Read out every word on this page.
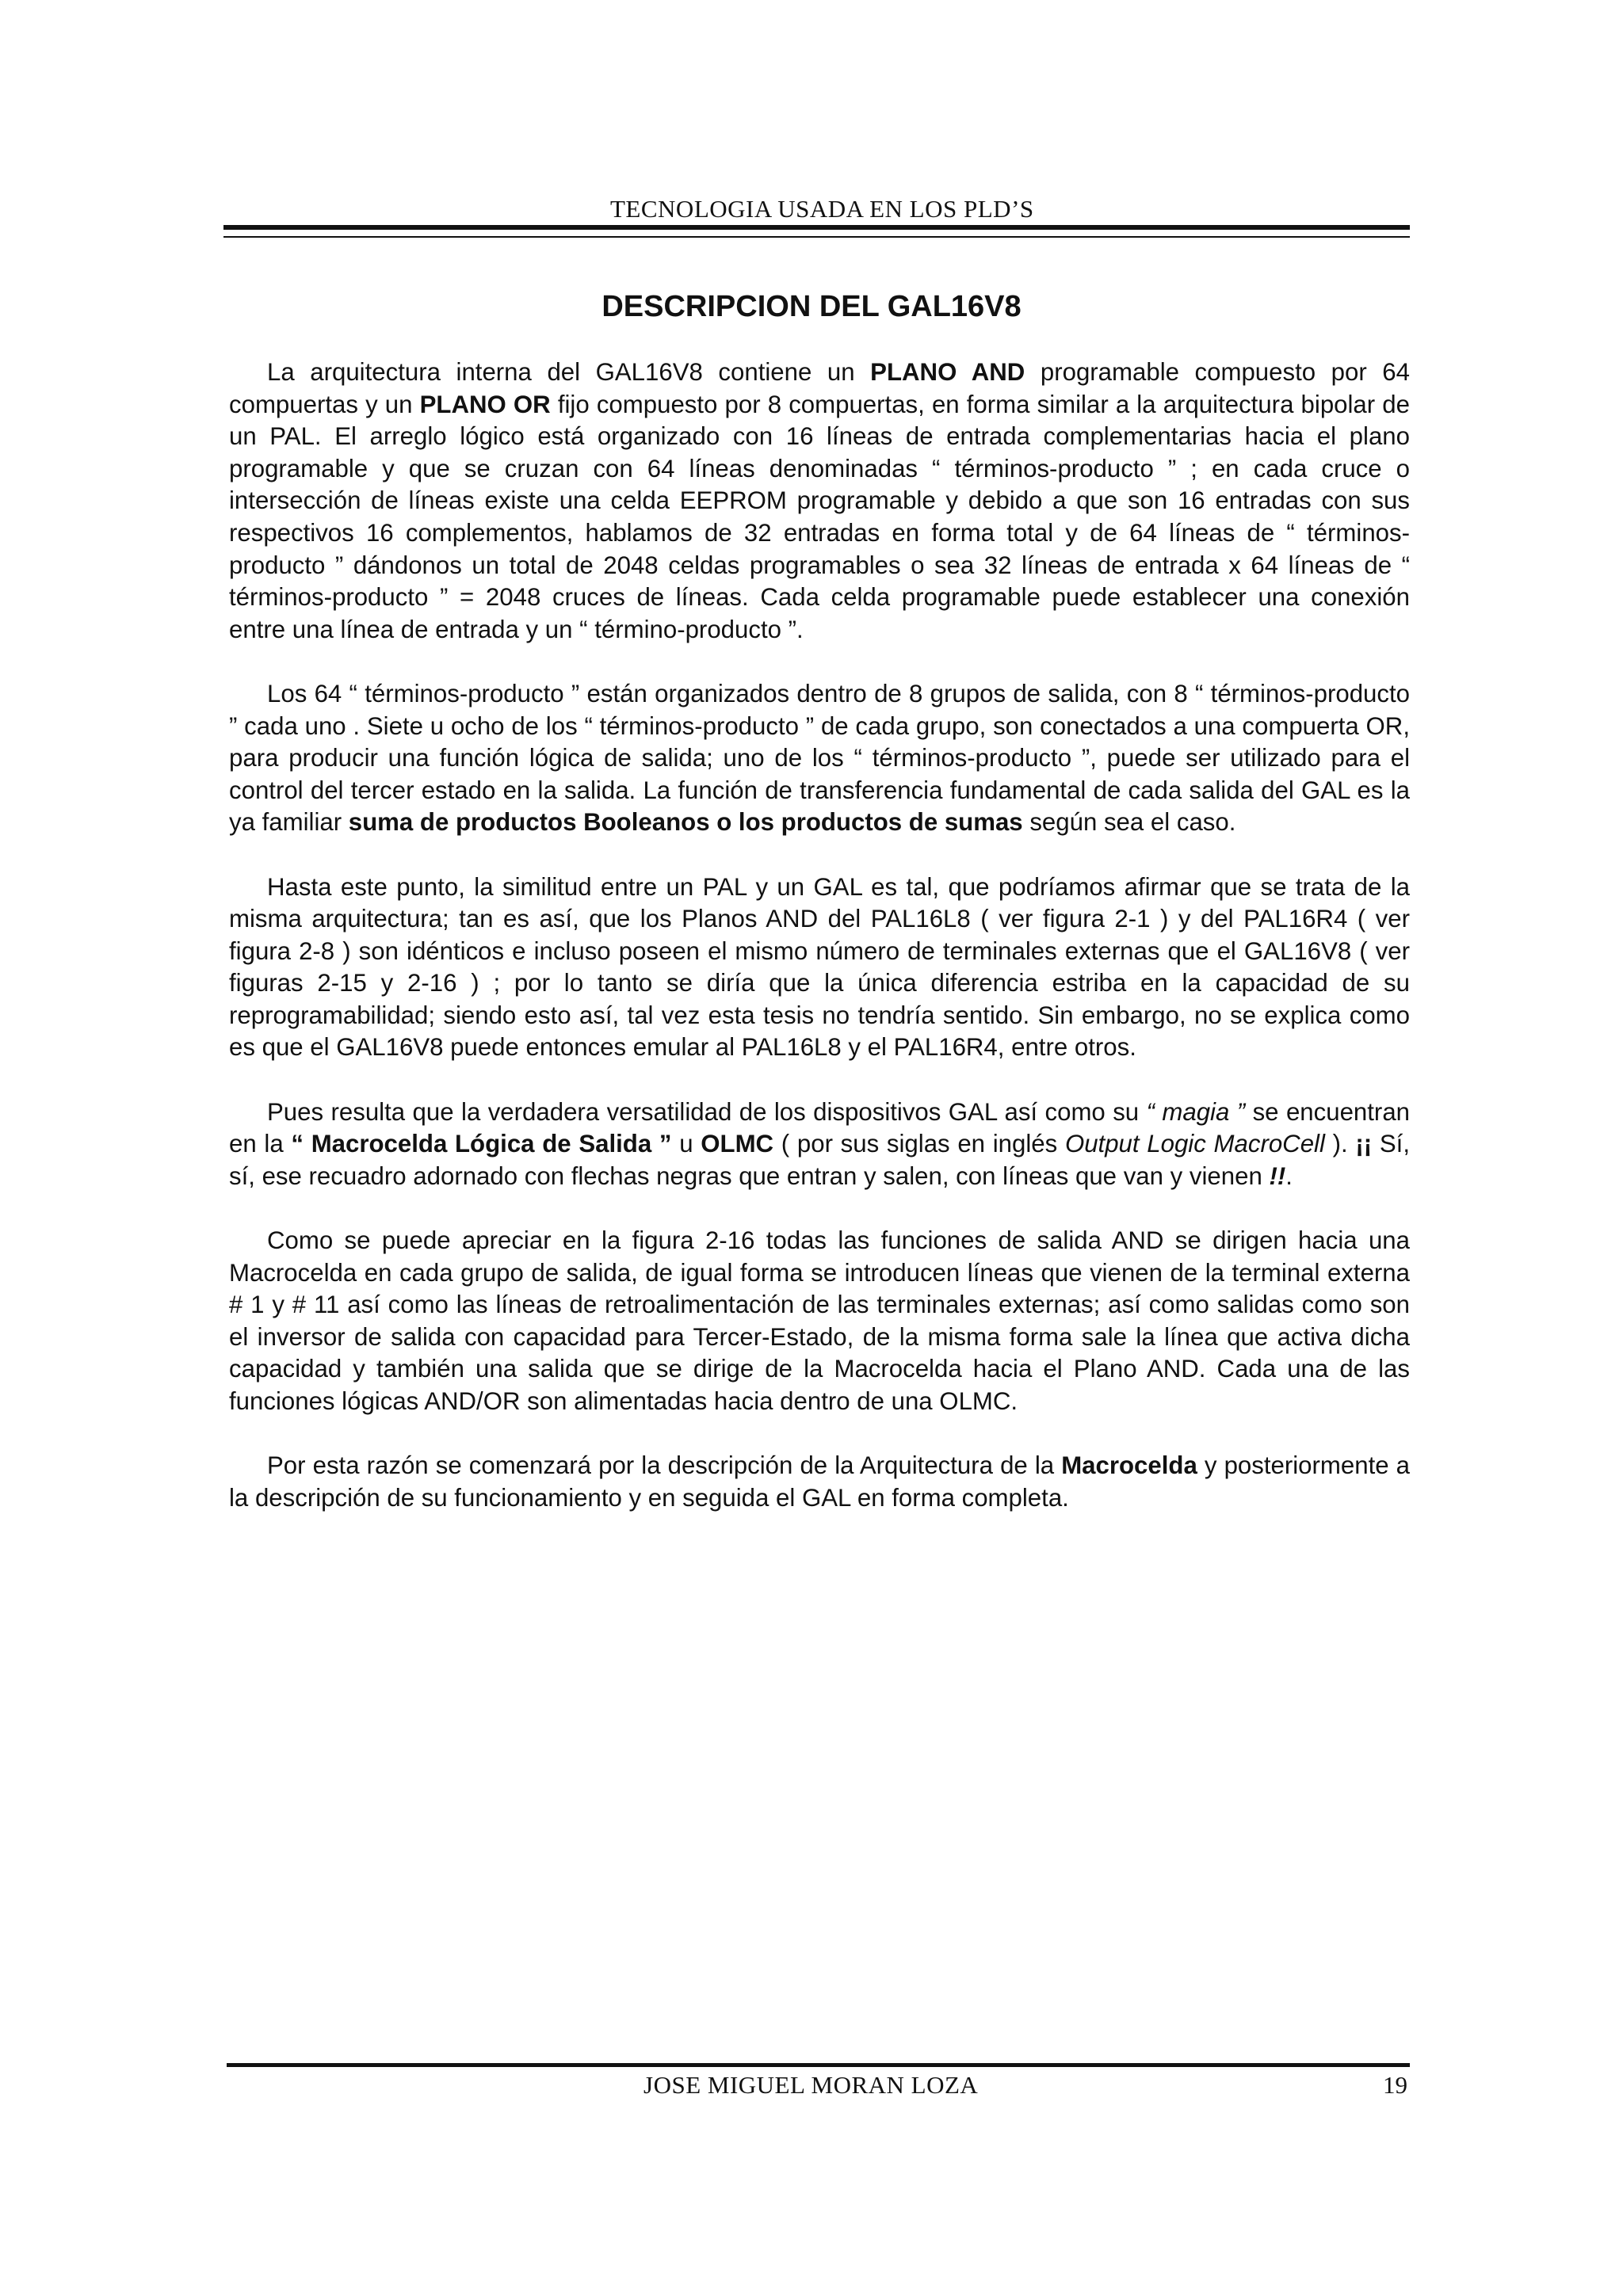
TECNOLOGIA USADA EN LOS PLD’S
DESCRIPCION DEL GAL16V8

La arquitectura interna del GAL16V8 contiene un PLANO AND programable compuesto por 64 compuertas y un PLANO OR fijo compuesto por 8 compuertas, en forma similar a la arquitectura bipolar de un PAL. El arreglo lógico está organizado con 16 líneas de entrada complementarias hacia el plano programable y que se cruzan con 64 líneas denominadas “ términos-producto ” ; en cada cruce o intersección de líneas existe una celda EEPROM programable y debido a que son 16 entradas con sus respectivos 16 complementos, hablamos de 32 entradas en forma total y de 64 líneas de “ términos-producto ” dándonos un total de 2048 celdas programables o sea 32 líneas de entrada x 64 líneas de “ términos-producto ” = 2048 cruces de líneas. Cada celda programable puede establecer una conexión entre una línea de entrada y un “ término-producto ”.

Los 64 “ términos-producto ” están organizados dentro de 8 grupos de salida, con 8 “ términos-producto ” cada uno . Siete u ocho de los “ términos-producto ” de cada grupo, son conectados a una compuerta OR, para producir una función lógica de salida; uno de los “ términos-producto ”, puede ser utilizado para el control del tercer estado en la salida. La función de transferencia fundamental de cada salida del GAL es la ya familiar suma de productos Booleanos o los productos de sumas según sea el caso.

Hasta este punto, la similitud entre un PAL y un GAL es tal, que podríamos afirmar que se trata de la misma arquitectura; tan es así, que los Planos AND del PAL16L8 ( ver figura 2-1 ) y del PAL16R4 ( ver figura 2-8 ) son idénticos e incluso poseen el mismo número de terminales externas que el GAL16V8 ( ver figuras 2-15 y 2-16 ) ; por lo tanto se diría que la única diferencia estriba en la capacidad de su reprogramabilidad; siendo esto así, tal vez esta tesis no tendría sentido. Sin embargo, no se explica como es que el GAL16V8 puede entonces emular al PAL16L8 y el PAL16R4, entre otros.

Pues resulta que la verdadera versatilidad de los dispositivos GAL así como su “ magia ” se encuentran en la “ Macrocelda Lógica de Salida ” u OLMC ( por sus siglas en inglés Output Logic MacroCell ). ¡¡ Sí, sí, ese recuadro adornado con flechas negras que entran y salen, con líneas que van y vienen !!.

Como se puede apreciar en la figura 2-16 todas las funciones de salida AND se dirigen hacia una Macrocelda en cada grupo de salida, de igual forma se introducen líneas que vienen de la terminal externa # 1 y # 11 así como las líneas de retroalimentación de las terminales externas; así como salidas como son el inversor de salida con capacidad para Tercer-Estado, de la misma forma sale la línea que activa dicha capacidad y también una salida que se dirige de la Macrocelda hacia el Plano AND. Cada una de las funciones lógicas AND/OR son alimentadas hacia dentro de una OLMC.

Por esta razón se comenzará por la descripción de la Arquitectura de la Macrocelda y posteriormente a la descripción de su funcionamiento y en seguida el GAL en forma completa.

JOSE MIGUEL MORAN LOZA	19
